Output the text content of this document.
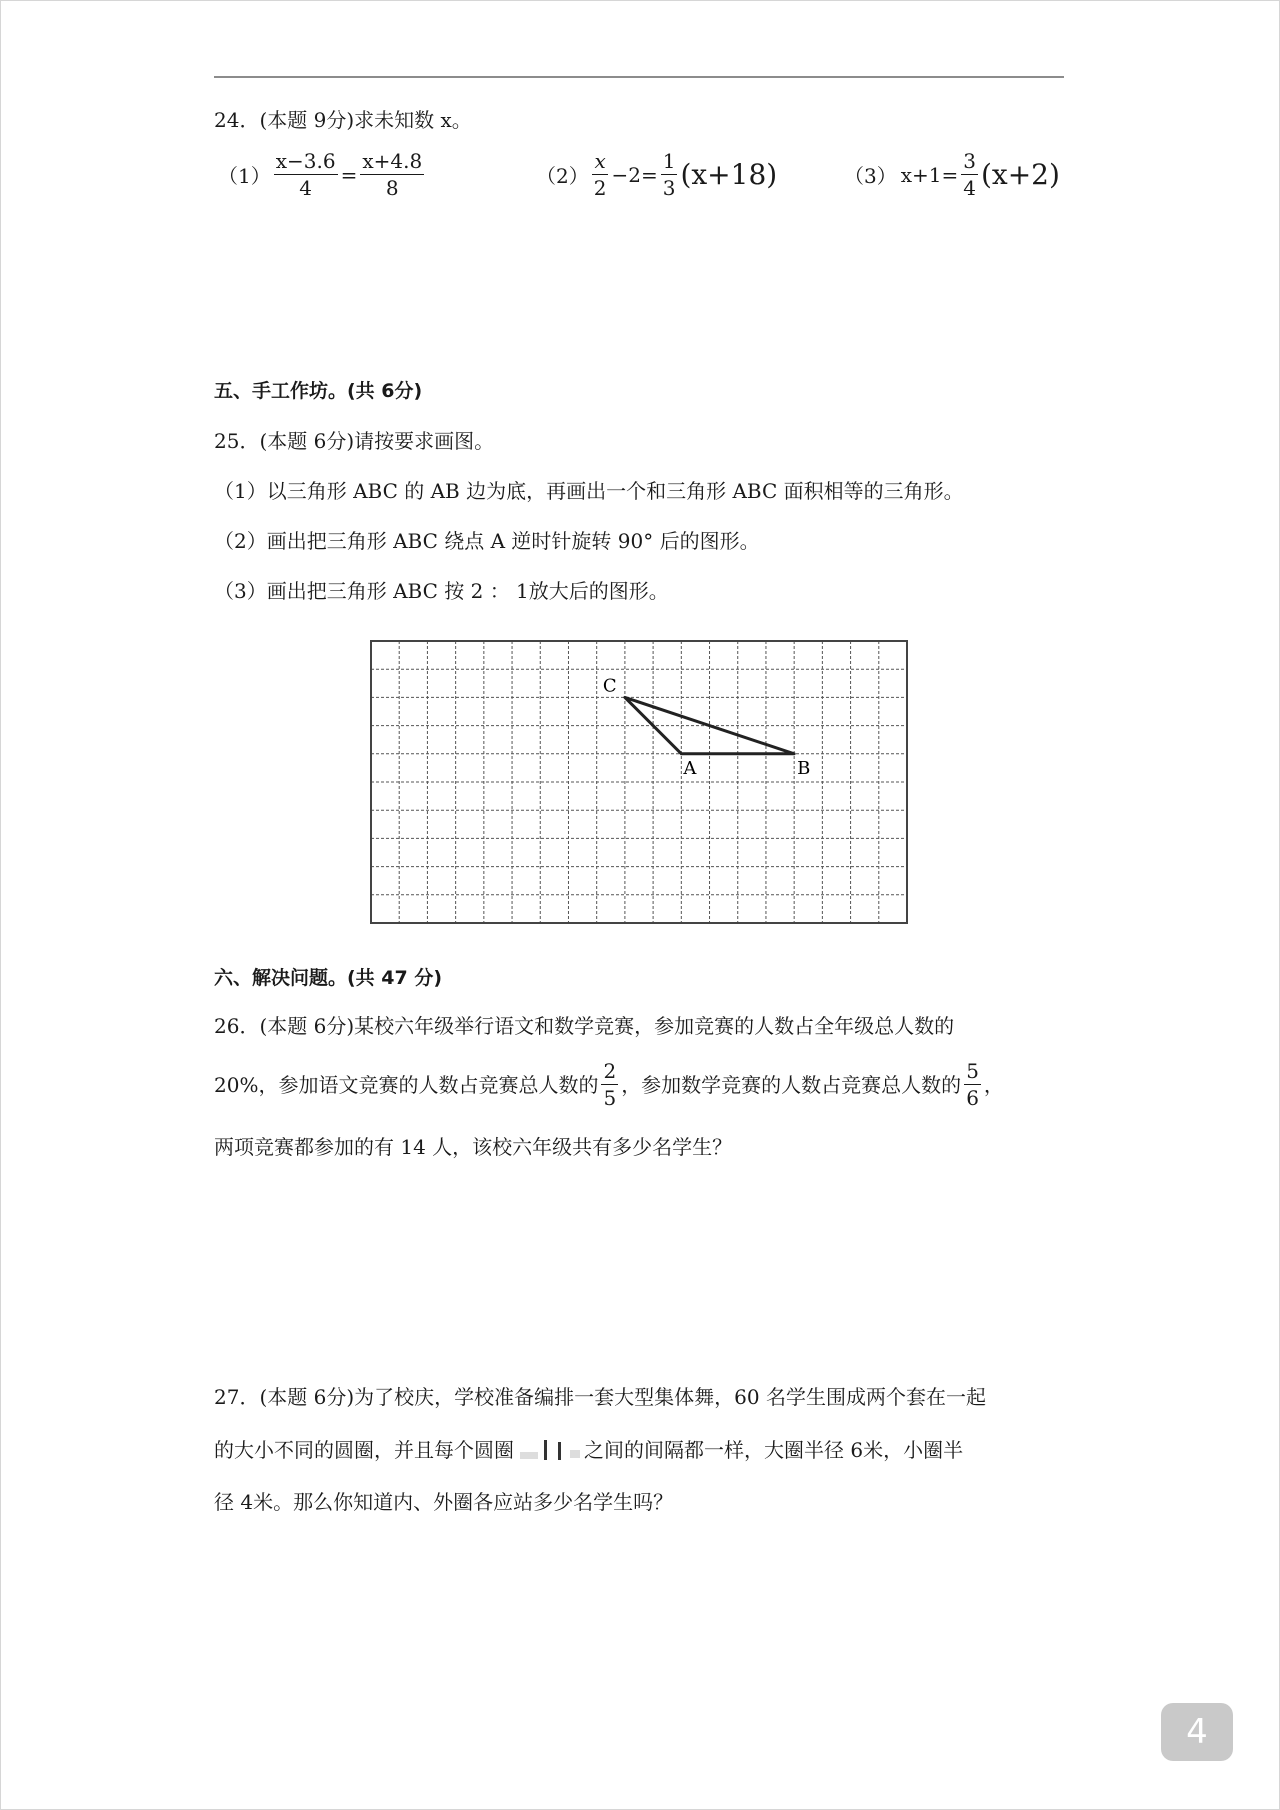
24．(本题 9分)求未知数 x。
$(1) \frac{x-3.6}{4} = \frac{x+4.8}{8}$	$(2) \frac{x}{2} -2= \frac{1}{3} (x+18)$	（3） $x+1= \frac{3}{4} (x+2)$
五、手工作坊。(共 6分)
25．(本题 6分)请按要求画图。
（1）以三角形 ABC 的 AB 边为底，再画出一个和三角形 ABC 面积相等的三角形。
（2）画出把三角形 ABC 绕点 A 逆时针旋转 90° 后的图形。
（3）画出把三角形 ABC 按 2 ： 1放大后的图形。
A	B
C
六、解决问题。(共 47 分)
26．(本题 6分)某校六年级举行语文和数学竞赛，参加竞赛的人数占全年级总人数的
20%，参加语文竞赛的人数占竞赛总人数的 $\frac{2}{5}$ ，参加数学竞赛的人数占竞赛总人数的 $\frac{5}{6}$ ，
两项竞赛都参加的有 14 人，该校六年级共有多少名学生？
27．(本题 6分)为了校庆，学校准备编排一套大型集体舞，60 名学生围成两个套在一起
的大小不同的圆圈，并且每个圆圈	之间的间隔都一样，大圈半径 6米，小圈半
径 4米。那么你知道内、外圈各应站多少名学生吗？
4
